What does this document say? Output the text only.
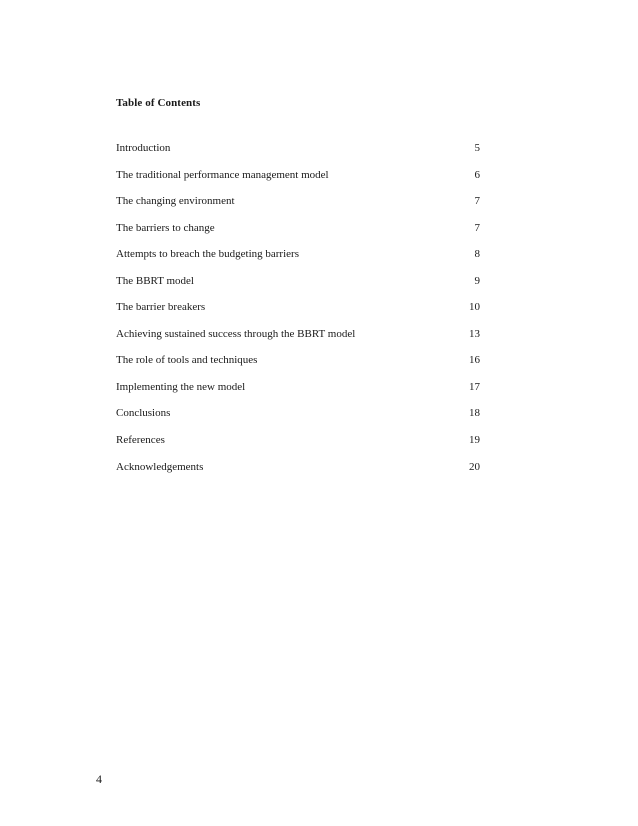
Table of Contents
Introduction	5
The traditional performance management model	6
The changing environment	7
The barriers to change	7
Attempts to breach the budgeting barriers	8
The BBRT model	9
The barrier breakers	10
Achieving sustained success through the BBRT model	13
The role of tools and techniques	16
Implementing the new model	17
Conclusions	18
References	19
Acknowledgements	20
4
